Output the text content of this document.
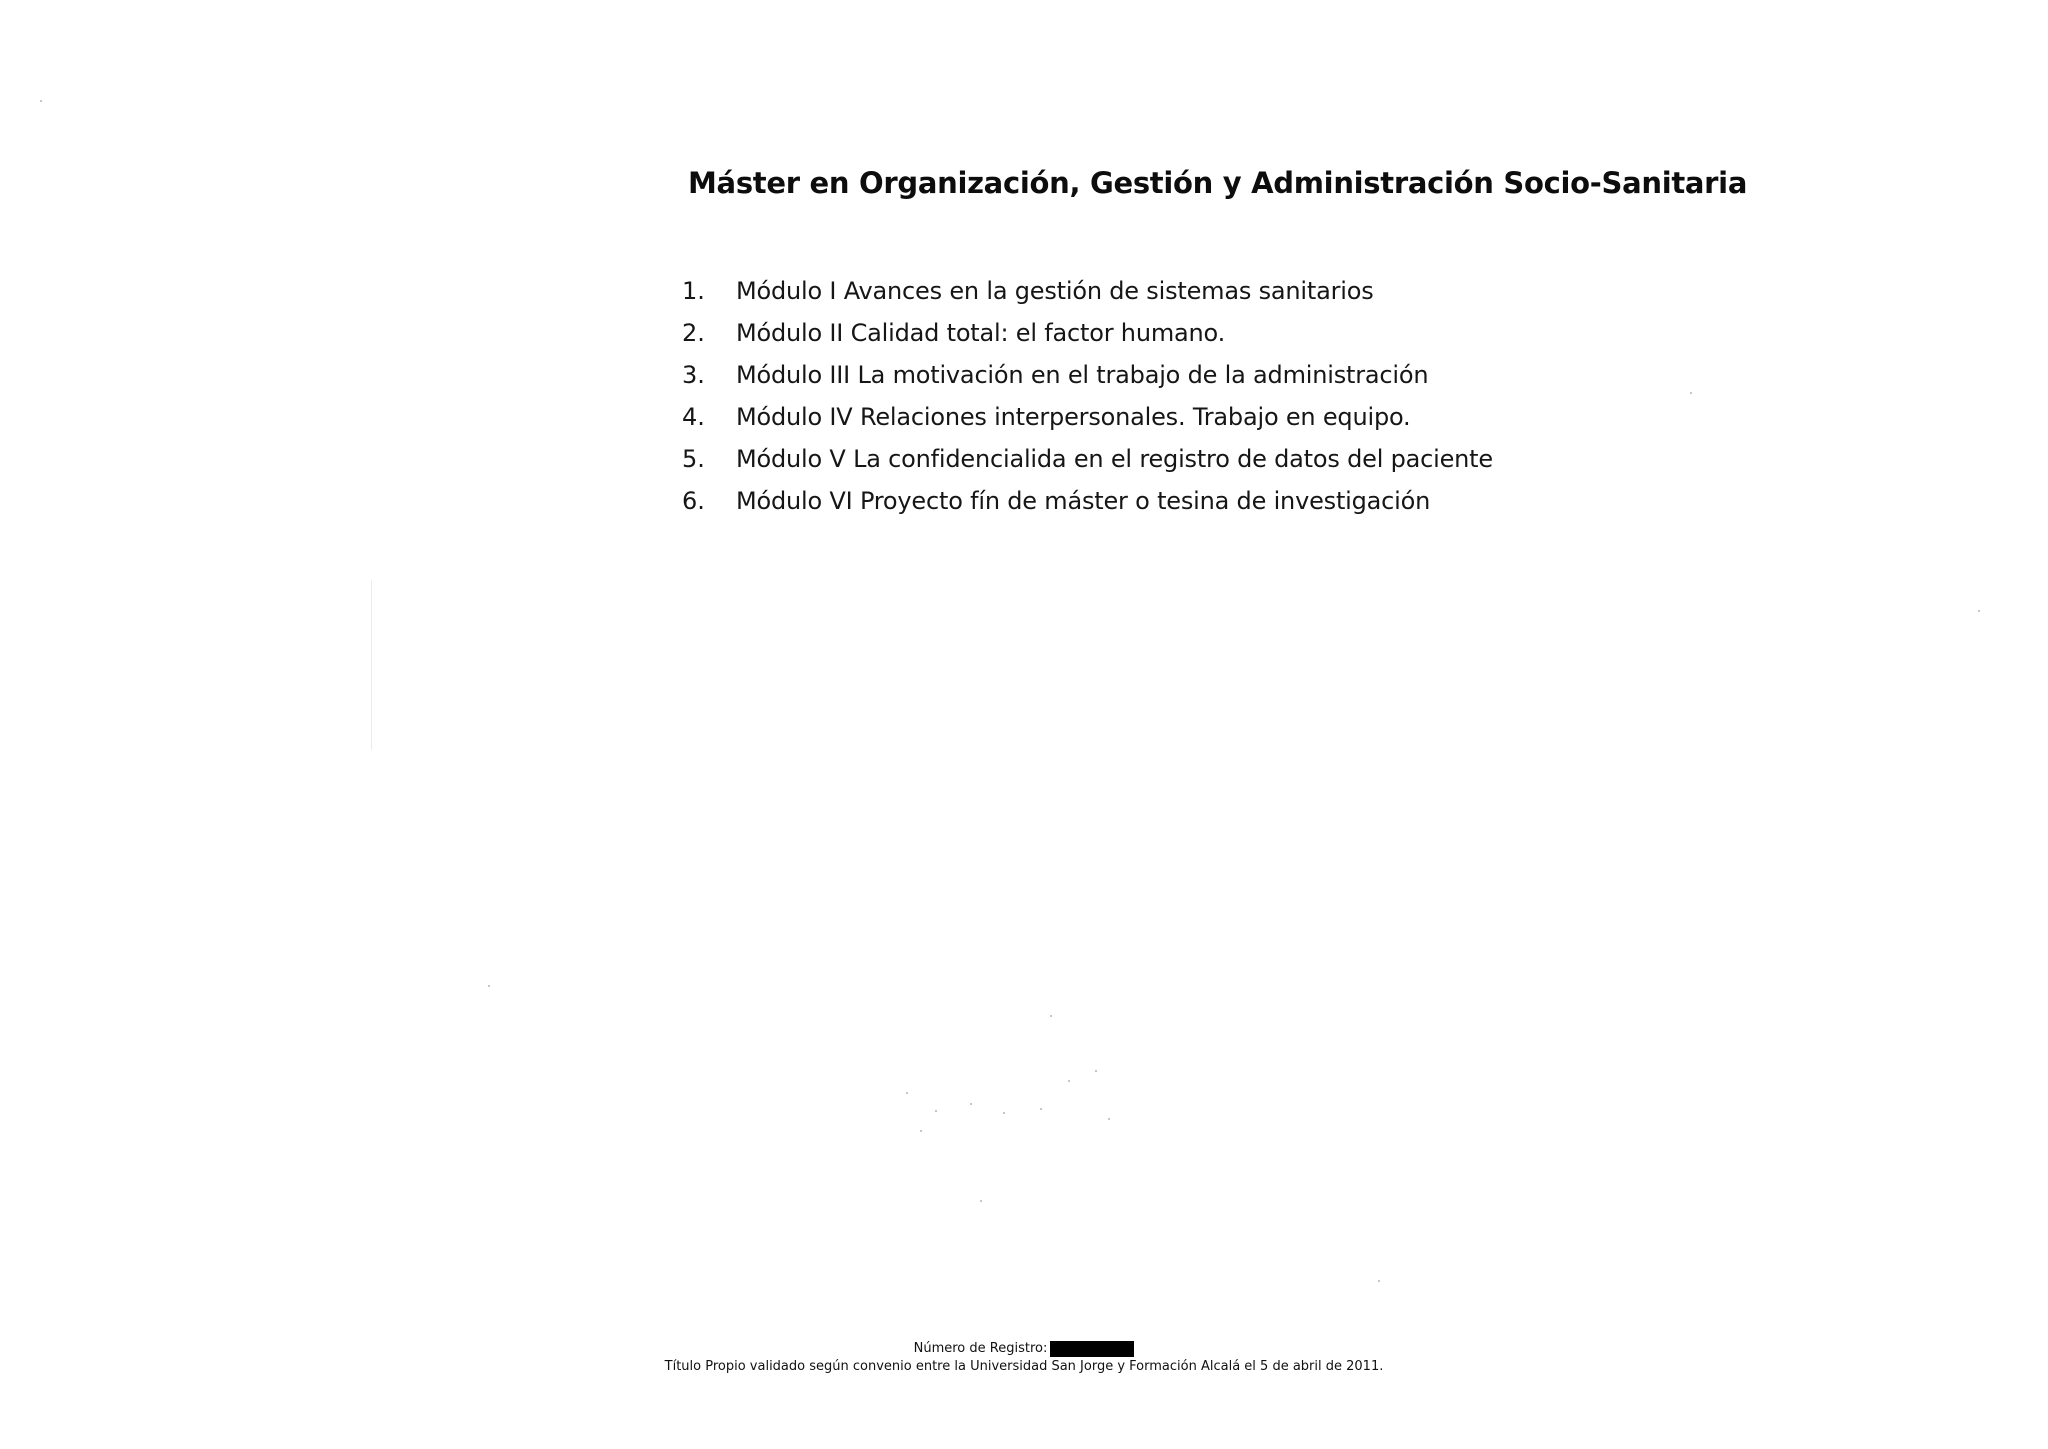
Máster en Organización, Gestión y Administración Socio-Sanitaria
1.	Módulo I Avances en la gestión de sistemas sanitarios
2.	Módulo II Calidad total: el factor humano.
3.	Módulo III La motivación en el trabajo de la administración
4.	Módulo IV Relaciones interpersonales. Trabajo en equipo.
5.	Módulo V La confidencialida en el registro de datos del paciente
6.	Módulo VI Proyecto fín de máster o tesina de investigación
Número de Registro:
Título Propio validado según convenio entre la Universidad San Jorge y Formación Alcalá el 5 de abril de 2011.
